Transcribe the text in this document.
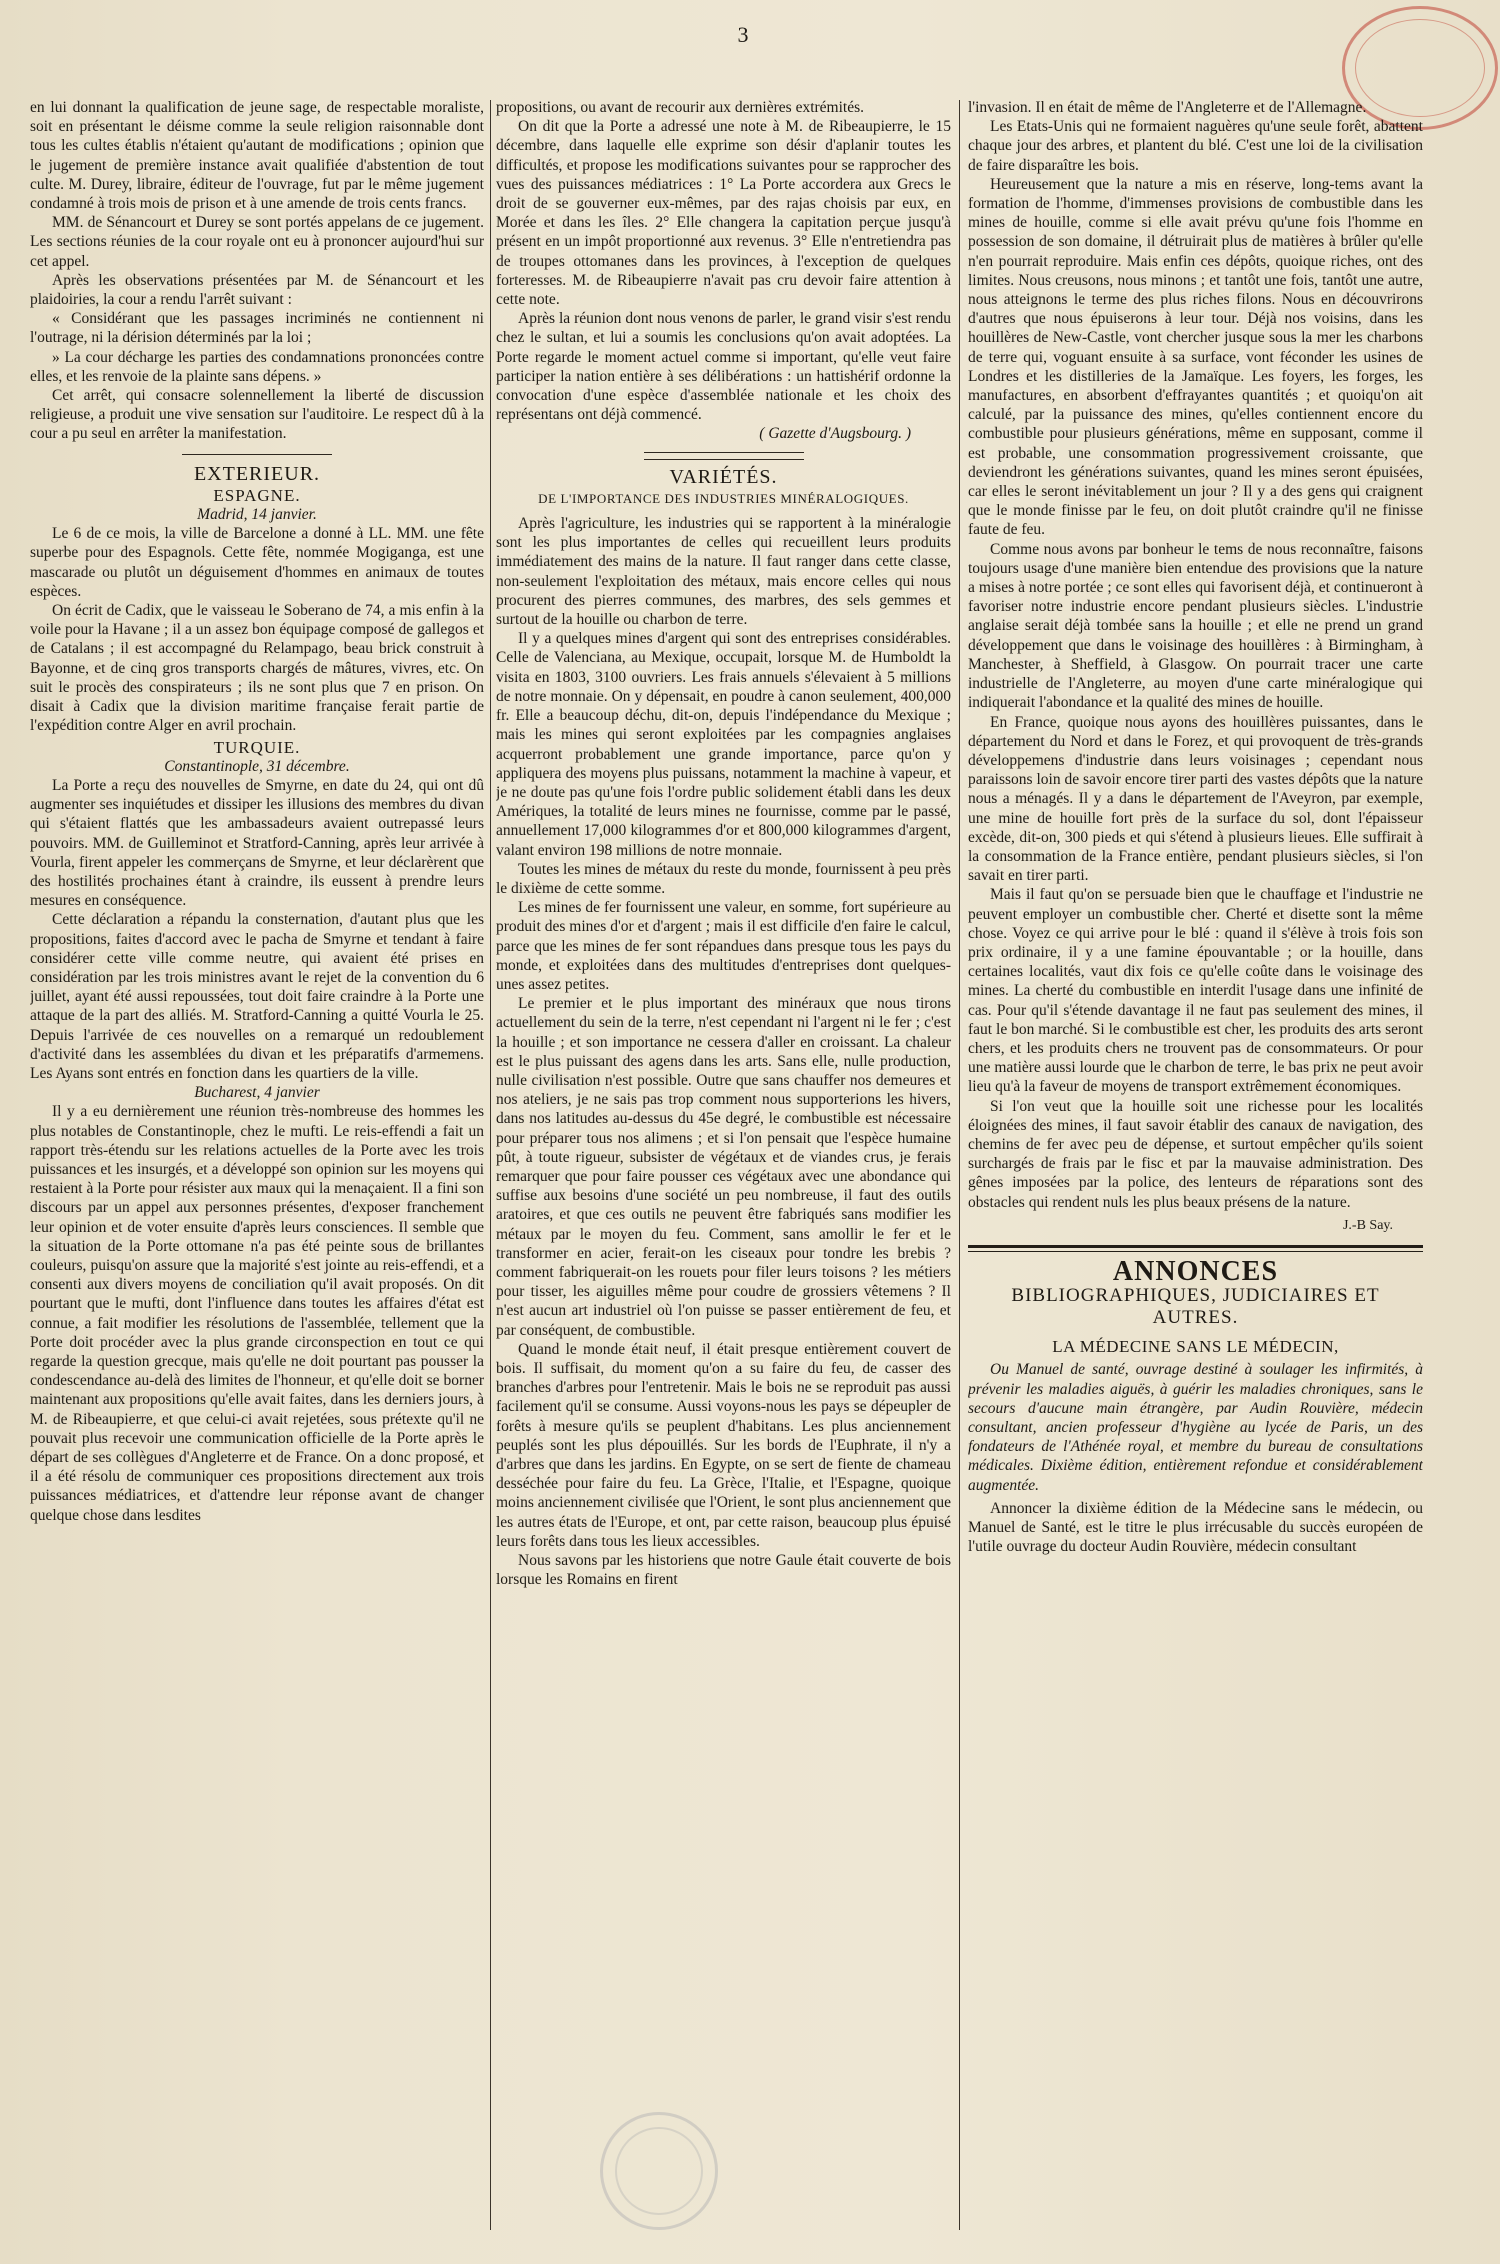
3

en lui donnant la qualification de jeune sage, de respectable moraliste, soit en présentant le déisme comme la seule religion raisonnable dont tous les cultes établis n'étaient qu'autant de modifications ; opinion que le jugement de première instance avait qualifiée d'abstention de tout culte. M. Durey, libraire, éditeur de l'ouvrage, fut par le même jugement condamné à trois mois de prison et à une amende de trois cents francs.

MM. de Sénancourt et Durey se sont portés appelans de ce jugement. Les sections réunies de la cour royale ont eu à prononcer aujourd'hui sur cet appel.

Après les observations présentées par M. de Sénancourt et les plaidoiries, la cour a rendu l'arrêt suivant :

« Considérant que les passages incriminés ne contiennent ni l'outrage, ni la dérision déterminés par la loi ;

» La cour décharge les parties des condamnations prononcées contre elles, et les renvoie de la plainte sans dépens. »

Cet arrêt, qui consacre solennellement la liberté de discussion religieuse, a produit une vive sensation sur l'auditoire. Le respect dû à la cour a pu seul en arrêter la manifestation.

EXTERIEUR.
ESPAGNE.
Madrid, 14 janvier.

Le 6 de ce mois, la ville de Barcelone a donné à LL. MM. une fête superbe pour des Espagnols. Cette fête, nommée Mogiganga, est une mascarade ou plutôt un déguisement d'hommes en animaux de toutes espèces.

On écrit de Cadix, que le vaisseau le Soberano de 74, a mis enfin à la voile pour la Havane ; il a un assez bon équipage composé de gallegos et de Catalans ; il est accompagné du Relampago, beau brick construit à Bayonne, et de cinq gros transports chargés de mâtures, vivres, etc. On suit le procès des conspirateurs ; ils ne sont plus que 7 en prison. On disait à Cadix que la division maritime française ferait partie de l'expédition contre Alger en avril prochain.

TURQUIE.
Constantinople, 31 décembre.

La Porte a reçu des nouvelles de Smyrne, en date du 24, qui ont dû augmenter ses inquiétudes et dissiper les illusions des membres du divan qui s'étaient flattés que les ambassadeurs avaient outrepassé leurs pouvoirs. MM. de Guilleminot et Stratford-Canning, après leur arrivée à Vourla, firent appeler les commerçans de Smyrne, et leur déclarèrent que des hostilités prochaines étant à craindre, ils eussent à prendre leurs mesures en conséquence.

Cette déclaration a répandu la consternation, d'autant plus que les propositions, faites d'accord avec le pacha de Smyrne et tendant à faire considérer cette ville comme neutre, qui avaient été prises en considération par les trois ministres avant le rejet de la convention du 6 juillet, ayant été aussi repoussées, tout doit faire craindre à la Porte une attaque de la part des alliés. M. Stratford-Canning a quitté Vourla le 25. Depuis l'arrivée de ces nouvelles on a remarqué un redoublement d'activité dans les assemblées du divan et les préparatifs d'armemens. Les Ayans sont entrés en fonction dans les quartiers de la ville.

Bucharest, 4 janvier

Il y a eu dernièrement une réunion très-nombreuse des hommes les plus notables de Constantinople, chez le mufti. Le reis-effendi a fait un rapport très-étendu sur les relations actuelles de la Porte avec les trois puissances et les insurgés, et a développé son opinion sur les moyens qui restaient à la Porte pour résister aux maux qui la menaçaient. Il a fini son discours par un appel aux personnes présentes, d'exposer franchement leur opinion et de voter ensuite d'après leurs consciences. Il semble que la situation de la Porte ottomane n'a pas été peinte sous de brillantes couleurs, puisqu'on assure que la majorité s'est jointe au reis-effendi, et a consenti aux divers moyens de conciliation qu'il avait proposés. On dit pourtant que le mufti, dont l'influence dans toutes les affaires d'état est connue, a fait modifier les résolutions de l'assemblée, tellement que la Porte doit procéder avec la plus grande circonspection en tout ce qui regarde la question grecque, mais qu'elle ne doit pourtant pas pousser la condescendance au-delà des limites de l'honneur, et qu'elle doit se borner maintenant aux propositions qu'elle avait faites, dans les derniers jours, à M. de Ribeaupierre, et que celui-ci avait rejetées, sous prétexte qu'il ne pouvait plus recevoir une communication officielle de la Porte après le départ de ses collègues d'Angleterre et de France. On a donc proposé, et il a été résolu de communiquer ces propositions directement aux trois puissances médiatrices, et d'attendre leur réponse avant de changer quelque chose dans lesdites

propositions, ou avant de recourir aux dernières extrémités.

On dit que la Porte a adressé une note à M. de Ribeaupierre, le 15 décembre, dans laquelle elle exprime son désir d'aplanir toutes les difficultés, et propose les modifications suivantes pour se rapprocher des vues des puissances médiatrices : 1° La Porte accordera aux Grecs le droit de se gouverner eux-mêmes, par des rajas choisis par eux, en Morée et dans les îles. 2° Elle changera la capitation perçue jusqu'à présent en un impôt proportionné aux revenus. 3° Elle n'entretiendra pas de troupes ottomanes dans les provinces, à l'exception de quelques forteresses. M. de Ribeaupierre n'avait pas cru devoir faire attention à cette note.

Après la réunion dont nous venons de parler, le grand visir s'est rendu chez le sultan, et lui a soumis les conclusions qu'on avait adoptées. La Porte regarde le moment actuel comme si important, qu'elle veut faire participer la nation entière à ses délibérations : un hattishérif ordonne la convocation d'une espèce d'assemblée nationale et les choix des représentans ont déjà commencé.

( Gazette d'Augsbourg. )
VARIÉTÉS.
DE L'IMPORTANCE DES INDUSTRIES MINÉRALOGIQUES.

Après l'agriculture, les industries qui se rapportent à la minéralogie sont les plus importantes de celles qui recueillent leurs produits immédiatement des mains de la nature. Il faut ranger dans cette classe, non-seulement l'exploitation des métaux, mais encore celles qui nous procurent des pierres communes, des marbres, des sels gemmes et surtout de la houille ou charbon de terre.

Il y a quelques mines d'argent qui sont des entreprises considérables. Celle de Valenciana, au Mexique, occupait, lorsque M. de Humboldt la visita en 1803, 3100 ouvriers. Les frais annuels s'élevaient à 5 millions de notre monnaie. On y dépensait, en poudre à canon seulement, 400,000 fr. Elle a beaucoup déchu, dit-on, depuis l'indépendance du Mexique ; mais les mines qui seront exploitées par les compagnies anglaises acquerront probablement une grande importance, parce qu'on y appliquera des moyens plus puissans, notamment la machine à vapeur, et je ne doute pas qu'une fois l'ordre public solidement établi dans les deux Amériques, la totalité de leurs mines ne fournisse, comme par le passé, annuellement 17,000 kilogrammes d'or et 800,000 kilogrammes d'argent, valant environ 198 millions de notre monnaie.

Toutes les mines de métaux du reste du monde, fournissent à peu près le dixième de cette somme.

Les mines de fer fournissent une valeur, en somme, fort supérieure au produit des mines d'or et d'argent ; mais il est difficile d'en faire le calcul, parce que les mines de fer sont répandues dans presque tous les pays du monde, et exploitées dans des multitudes d'entreprises dont quelques-unes assez petites.

Le premier et le plus important des minéraux que nous tirons actuellement du sein de la terre, n'est cependant ni l'argent ni le fer ; c'est la houille ; et son importance ne cessera d'aller en croissant. La chaleur est le plus puissant des agens dans les arts. Sans elle, nulle production, nulle civilisation n'est possible. Outre que sans chauffer nos demeures et nos ateliers, je ne sais pas trop comment nous supporterions les hivers, dans nos latitudes au-dessus du 45e degré, le combustible est nécessaire pour préparer tous nos alimens ; et si l'on pensait que l'espèce humaine pût, à toute rigueur, subsister de végétaux et de viandes crus, je ferais remarquer que pour faire pousser ces végétaux avec une abondance qui suffise aux besoins d'une société un peu nombreuse, il faut des outils aratoires, et que ces outils ne peuvent être fabriqués sans modifier les métaux par le moyen du feu. Comment, sans amollir le fer et le transformer en acier, ferait-on les ciseaux pour tondre les brebis ? comment fabriquerait-on les rouets pour filer leurs toisons ? les métiers pour tisser, les aiguilles même pour coudre de grossiers vêtemens ? Il n'est aucun art industriel où l'on puisse se passer entièrement de feu, et par conséquent, de combustible.

Quand le monde était neuf, il était presque entièrement couvert de bois. Il suffisait, du moment qu'on a su faire du feu, de casser des branches d'arbres pour l'entretenir. Mais le bois ne se reproduit pas aussi facilement qu'il se consume. Aussi voyons-nous les pays se dépeupler de forêts à mesure qu'ils se peuplent d'habitans. Les plus anciennement peuplés sont les plus dépouillés. Sur les bords de l'Euphrate, il n'y a d'arbres que dans les jardins. En Egypte, on se sert de fiente de chameau desséchée pour faire du feu. La Grèce, l'Italie, et l'Espagne, quoique moins anciennement civilisée que l'Orient, le sont plus anciennement que les autres états de l'Europe, et ont, par cette raison, beaucoup plus épuisé leurs forêts dans tous les lieux accessibles.

Nous savons par les historiens que notre Gaule était couverte de bois lorsque les Romains en firent

l'invasion. Il en était de même de l'Angleterre et de l'Allemagne.

Les Etats-Unis qui ne formaient naguères qu'une seule forêt, abattent chaque jour des arbres, et plantent du blé. C'est une loi de la civilisation de faire disparaître les bois.

Heureusement que la nature a mis en réserve, long-tems avant la formation de l'homme, d'immenses provisions de combustible dans les mines de houille, comme si elle avait prévu qu'une fois l'homme en possession de son domaine, il détruirait plus de matières à brûler qu'elle n'en pourrait reproduire. Mais enfin ces dépôts, quoique riches, ont des limites. Nous creusons, nous minons ; et tantôt une fois, tantôt une autre, nous atteignons le terme des plus riches filons. Nous en découvrirons d'autres que nous épuiserons à leur tour. Déjà nos voisins, dans les houillères de New-Castle, vont chercher jusque sous la mer les charbons de terre qui, voguant ensuite à sa surface, vont féconder les usines de Londres et les distilleries de la Jamaïque. Les foyers, les forges, les manufactures, en absorbent d'effrayantes quantités ; et quoiqu'on ait calculé, par la puissance des mines, qu'elles contiennent encore du combustible pour plusieurs générations, même en supposant, comme il est probable, une consommation progressivement croissante, que deviendront les générations suivantes, quand les mines seront épuisées, car elles le seront inévitablement un jour ? Il y a des gens qui craignent que le monde finisse par le feu, on doit plutôt craindre qu'il ne finisse faute de feu.

Comme nous avons par bonheur le tems de nous reconnaître, faisons toujours usage d'une manière bien entendue des provisions que la nature a mises à notre portée ; ce sont elles qui favorisent déjà, et continueront à favoriser notre industrie encore pendant plusieurs siècles. L'industrie anglaise serait déjà tombée sans la houille ; et elle ne prend un grand développement que dans le voisinage des houillères : à Birmingham, à Manchester, à Sheffield, à Glasgow. On pourrait tracer une carte industrielle de l'Angleterre, au moyen d'une carte minéralogique qui indiquerait l'abondance et la qualité des mines de houille.

En France, quoique nous ayons des houillères puissantes, dans le département du Nord et dans le Forez, et qui provoquent de très-grands développemens d'industrie dans leurs voisinages ; cependant nous paraissons loin de savoir encore tirer parti des vastes dépôts que la nature nous a ménagés. Il y a dans le département de l'Aveyron, par exemple, une mine de houille fort près de la surface du sol, dont l'épaisseur excède, dit-on, 300 pieds et qui s'étend à plusieurs lieues. Elle suffirait à la consommation de la France entière, pendant plusieurs siècles, si l'on savait en tirer parti.

Mais il faut qu'on se persuade bien que le chauffage et l'industrie ne peuvent employer un combustible cher. Cherté et disette sont la même chose. Voyez ce qui arrive pour le blé : quand il s'élève à trois fois son prix ordinaire, il y a une famine épouvantable ; or la houille, dans certaines localités, vaut dix fois ce qu'elle coûte dans le voisinage des mines. La cherté du combustible en interdit l'usage dans une infinité de cas. Pour qu'il s'étende davantage il ne faut pas seulement des mines, il faut le bon marché. Si le combustible est cher, les produits des arts seront chers, et les produits chers ne trouvent pas de consommateurs. Or pour une matière aussi lourde que le charbon de terre, le bas prix ne peut avoir lieu qu'à la faveur de moyens de transport extrêmement économiques.

Si l'on veut que la houille soit une richesse pour les localités éloignées des mines, il faut savoir établir des canaux de navigation, des chemins de fer avec peu de dépense, et surtout empêcher qu'ils soient surchargés de frais par le fisc et par la mauvaise administration. Des gênes imposées par la police, des lenteurs de réparations sont des obstacles qui rendent nuls les plus beaux présens de la nature.

J.-B Say.
ANNONCES
BIBLIOGRAPHIQUES, JUDICIAIRES ET AUTRES.
LA MÉDECINE SANS LE MÉDECIN,
Ou Manuel de santé, ouvrage destiné à soulager les infirmités, à prévenir les maladies aiguës, à guérir les maladies chroniques, sans le secours d'aucune main étrangère, par Audin Rouvière, médecin consultant, ancien professeur d'hygiène au lycée de Paris, un des fondateurs de l'Athénée royal, et membre du bureau de consultations médicales. Dixième édition, entièrement refondue et considérablement augmentée.

Annoncer la dixième édition de la Médecine sans le médecin, ou Manuel de Santé, est le titre le plus irrécusable du succès européen de l'utile ouvrage du docteur Audin Rouvière, médecin consultant
